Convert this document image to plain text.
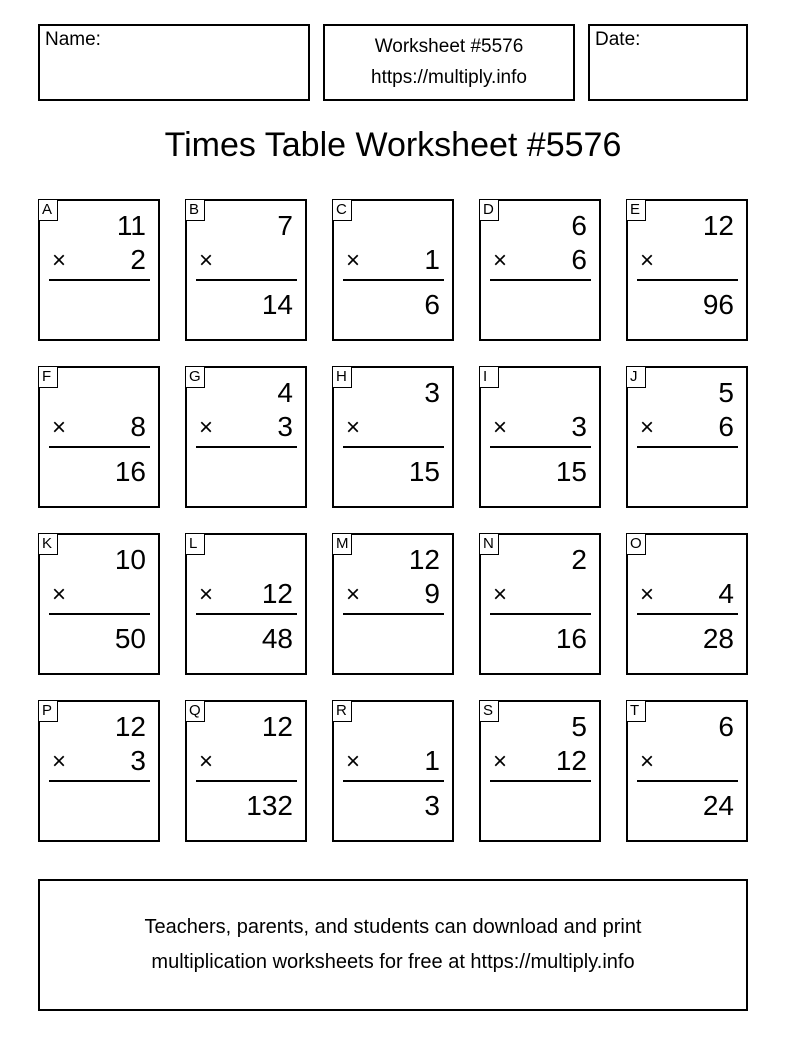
Name:	Worksheet #5576
https://multiply.info
Date:
Times Table Worksheet #5576
A
11
× 2
B
7
×
14
C
× 1
6
D
6
× 6
E
12
×
96
F
× 8
16
G
4
× 3
H
3
×
15
I
× 3
15
J
5
× 6
K
10
×
50
L
× 12
48
M
12
× 9
N
2
×
16
O
× 4
28
P
12
× 3
Q
12
×
132
R
× 1
3
S
5
× 12
T
6
×
24
Teachers, parents, and students can download and print
multiplication worksheets for free at https://multiply.info
